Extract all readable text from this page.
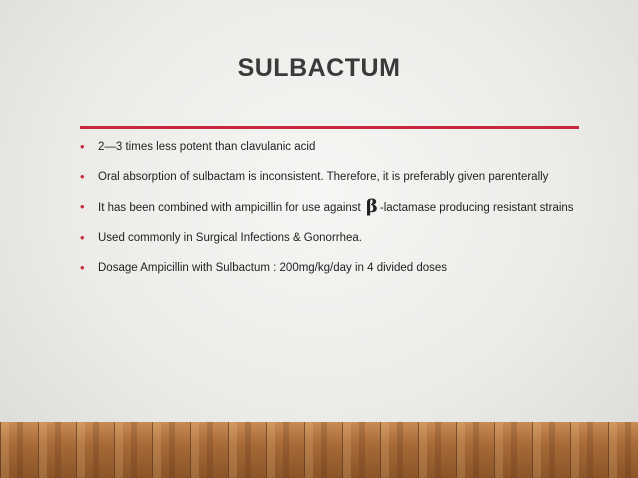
SULBACTUM
• 2—3 times less potent than clavulanic acid
• Oral absorption of sulbactam is inconsistent. Therefore, it is preferably given parenterally
• It has been combined with ampicillin for use against β -lactamase producing resistant strains
• Used commonly in Surgical Infections & Gonorrhea.
• Dosage Ampicillin with Sulbactum : 200mg/kg/day in 4 divided doses
